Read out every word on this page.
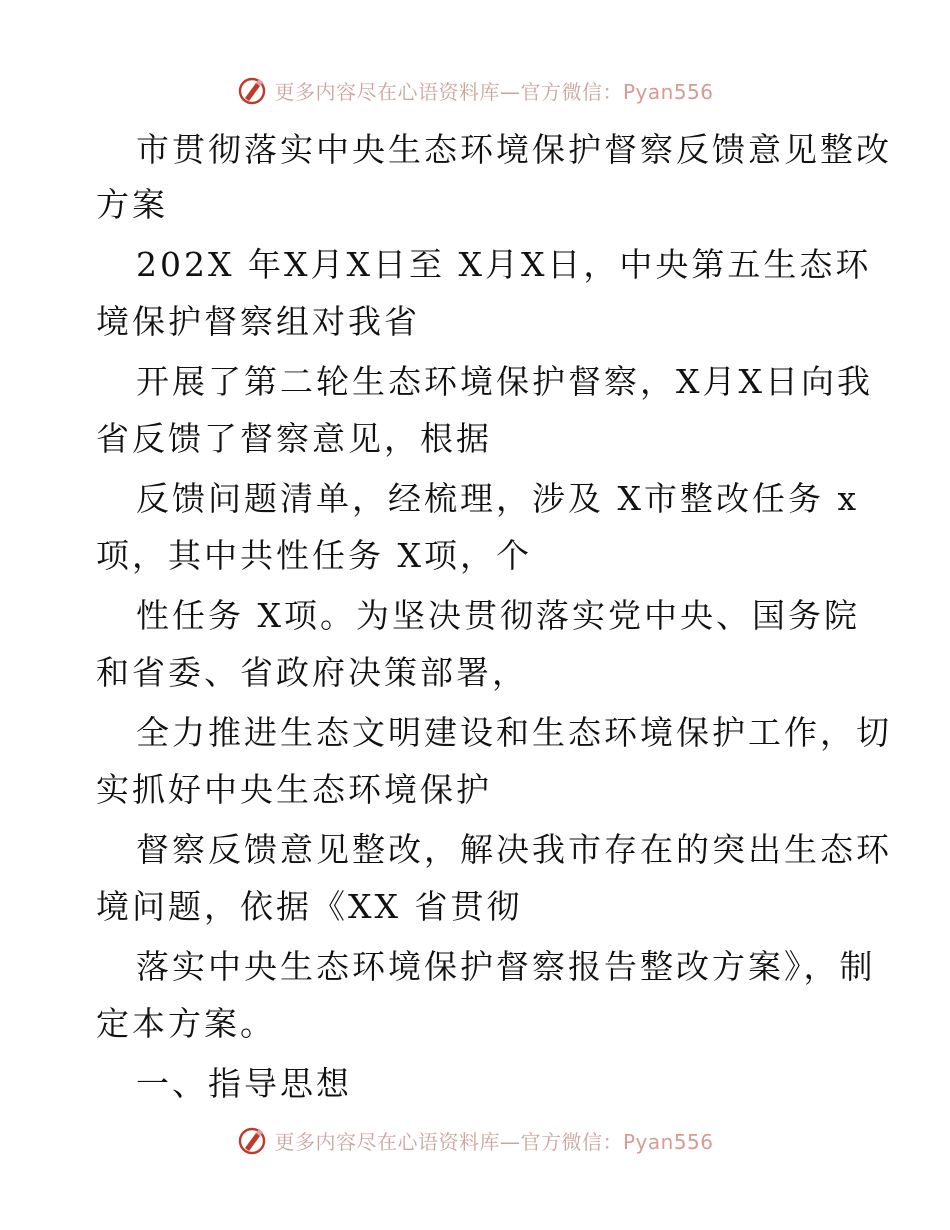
更多内容尽在心语资料库—官方微信：Pyan556
市贯彻落实中央生态环境保护督察反馈意见整改
方案
202X 年X月X日至 X月X日，中央第五生态环
境保护督察组对我省
开展了第二轮生态环境保护督察，X月X日向我
省反馈了督察意见，根据
反馈问题清单，经梳理，涉及 X市整改任务 x
项，其中共性任务 X项，个
性任务 X项。为坚决贯彻落实党中央、国务院
和省委、省政府决策部署，
全力推进生态文明建设和生态环境保护工作，切
实抓好中央生态环境保护
督察反馈意见整改，解决我市存在的突出生态环
境问题，依据《XX 省贯彻
落实中央生态环境保护督察报告整改方案》，制
定本方案。
一、指导思想
更多内容尽在心语资料库—官方微信：Pyan556
